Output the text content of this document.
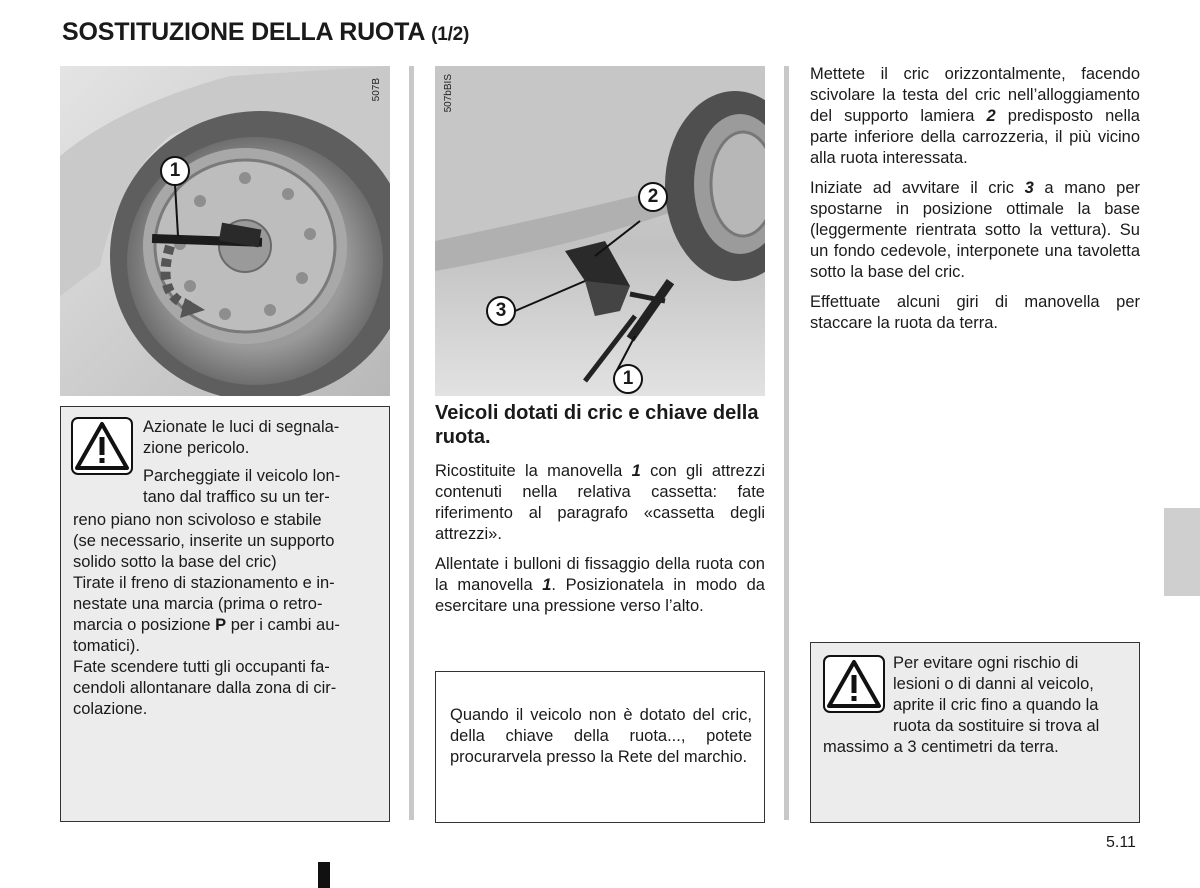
SOSTITUZIONE DELLA RUOTA (1/2)
1
507B
2
3
1
507bBIS

Azionate le luci di segnala-

zione pericolo.

Parcheggiate il veicolo lon-

tano dal traffico su un ter-

reno piano non scivoloso e stabile

(se necessario, inserite un supporto

solido sotto la base del cric)

Tirate il freno di stazionamento e in-

nestate una marcia (prima o retro-

marcia o posizione P per i cambi au-

tomatici).

Fate scendere tutti gli occupanti fa-

cendoli allontanare dalla zona di cir-

colazione.

Veicoli dotati di cric e chiave della ruota.

Ricostituite la manovella 1 con gli attrezzi contenuti nella relativa cassetta: fate riferimento al paragrafo «cassetta degli attrezzi».

Allentate i bulloni di fissaggio della ruota con la manovella 1. Posizionatela in modo da esercitare una pressione verso l’alto.

Quando il veicolo non è dotato del cric, della chiave della ruota..., potete procurarvela presso la Rete del marchio.

Mettete il cric orizzontalmente, facendo scivolare la testa del cric nell’alloggiamento del supporto lamiera 2 predisposto nella parte inferiore della carrozzeria, il più vicino alla ruota interessata.

Iniziate ad avvitare il cric 3 a mano per spostarne in posizione ottimale la base (leggermente rientrata sotto la vettura). Su un fondo cedevole, interponete una tavoletta sotto la base del cric.

Effettuate alcuni giri di manovella per staccare la ruota da terra.

Per evitare ogni rischio di

lesioni o di danni al veicolo,

aprite il cric fino a quando la

ruota da sostituire si trova al

massimo a 3 centimetri da terra.

5.11
